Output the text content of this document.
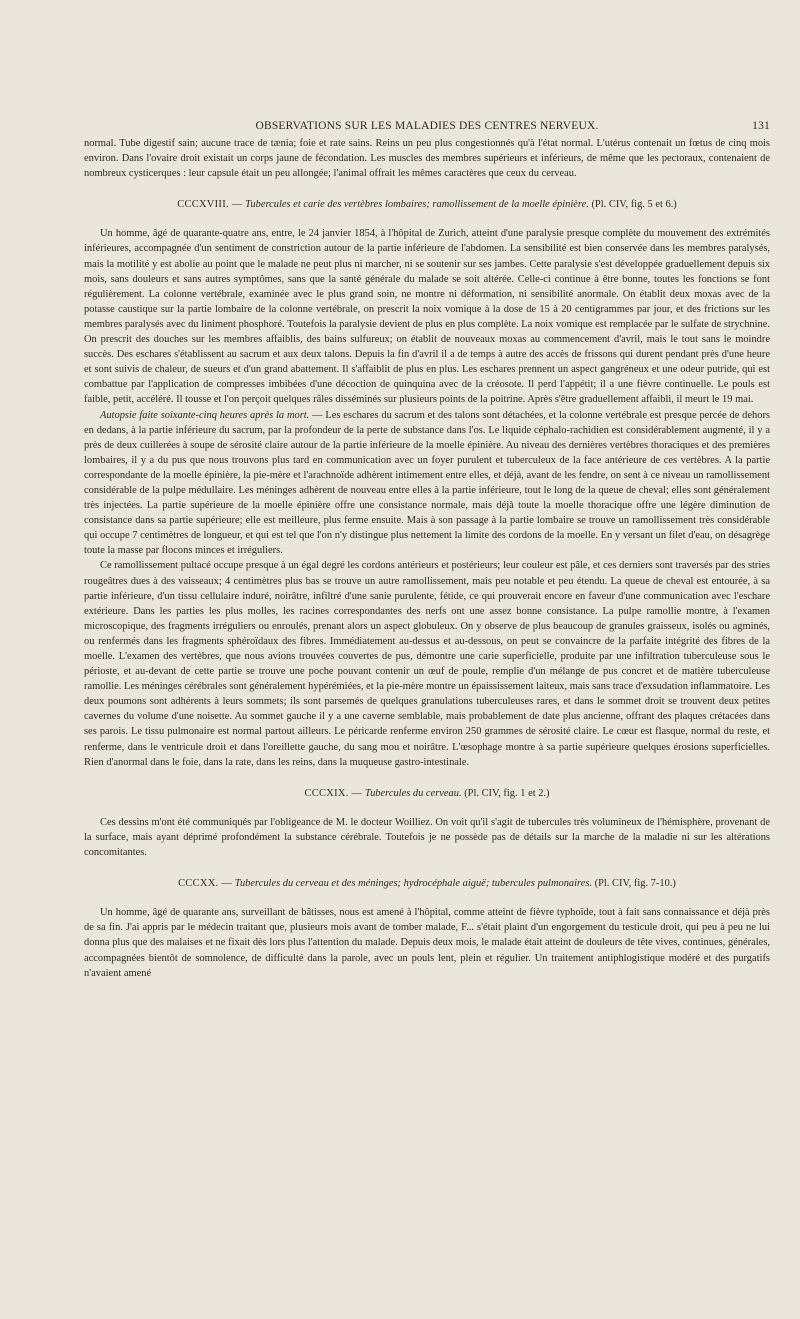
OBSERVATIONS SUR LES MALADIES DES CENTRES NERVEUX.	131

normal. Tube digestif sain; aucune trace de tænia; foie et rate sains. Reins un peu plus congestionnés qu'à l'état normal. L'utérus contenait un fœtus de cinq mois environ. Dans l'ovaire droit existait un corps jaune de fécondation. Les muscles des membres supérieurs et inférieurs, de même que les pectoraux, contenaient de nombreux cysticerques : leur capsule était un peu allongée; l'animal offrait les mêmes caractères que ceux du cerveau.

CCCXVIII. — Tubercules et carie des vertèbres lombaires; ramollissement de la moelle épinière. (Pl. CIV, fig. 5 et 6.)

Un homme, âgé de quarante-quatre ans, entre, le 24 janvier 1854, à l'hôpital de Zurich, atteint d'une paralysie presque complète du mouvement des extrémités inférieures, accompagnée d'un sentiment de constriction autour de la partie inférieure de l'abdomen. La sensibilité est bien conservée dans les membres paralysés, mais la motilité y est abolie au point que le malade ne peut plus ni marcher, ni se soutenir sur ses jambes. Cette paralysie s'est développée graduellement depuis six mois, sans douleurs et sans autres symptômes, sans que la santé générale du malade se soit altérée. Celle-ci continue à être bonne, toutes les fonctions se font régulièrement. La colonne vertébrale, examinée avec le plus grand soin, ne montre ni déformation, ni sensibilité anormale. On établit deux moxas avec de la potasse caustique sur la partie lombaire de la colonne vertébrale, on prescrit la noix vomique à la dose de 15 à 20 centigrammes par jour, et des frictions sur les membres paralysés avec du liniment phosphoré. Toutefois la paralysie devient de plus en plus complète. La noix vomique est remplacée par le sulfate de strychnine. On prescrit des douches sur les membres affaiblis, des bains sulfureux; on établit de nouveaux moxas au commencement d'avril, mais le tout sans le moindre succès. Des eschares s'établissent au sacrum et aux deux talons. Depuis la fin d'avril il a de temps à autre des accès de frissons qui durent pendant près d'une heure et sont suivis de chaleur, de sueurs et d'un grand abattement. Il s'affaiblit de plus en plus. Les eschares prennent un aspect gangréneux et une odeur putride, qui est combattue par l'application de compresses imbibées d'une décoction de quinquina avec de la créosote. Il perd l'appétit; il a une fièvre continuelle. Le pouls est faible, petit, accéléré. Il tousse et l'on perçoit quelques râles disséminés sur plusieurs points de la poitrine. Après s'être graduellement affaibli, il meurt le 19 mai.

Autopsie faite soixante-cinq heures après la mort. — Les eschares du sacrum et des talons sont détachées, et la colonne vertébrale est presque percée de dehors en dedans, à la partie inférieure du sacrum, par la profondeur de la perte de substance dans l'os. Le liquide céphalo-rachidien est considérablement augmenté, il y a près de deux cuillerées à soupe de sérosité claire autour de la partie inférieure de la moelle épinière. Au niveau des dernières vertèbres thoraciques et des premières lombaires, il y a du pus que nous trouvons plus tard en communication avec un foyer purulent et tuberculeux de la face antérieure de ces vertèbres. A la partie correspondante de la moelle épinière, la pie-mère et l'arachnoïde adhèrent intimement entre elles, et déjà, avant de les fendre, on sent à ce niveau un ramollissement considérable de la pulpe médullaire. Les méninges adhèrent de nouveau entre elles à la partie inférieure, tout le long de la queue de cheval; elles sont généralement très injectées. La partie supérieure de la moelle épinière offre une consistance normale, mais déjà toute la moelle thoracique offre une légère diminution de consistance dans sa partie supérieure; elle est meilleure, plus ferme ensuite. Mais à son passage à la partie lombaire se trouve un ramollissement très considérable qui occupe 7 centimètres de longueur, et qui est tel que l'on n'y distingue plus nettement la limite des cordons de la moelle. En y versant un filet d'eau, on désagrège toute la masse par flocons minces et irréguliers.

Ce ramollissement pultacé occupe presque à un égal degré les cordons antérieurs et postérieurs; leur couleur est pâle, et ces derniers sont traversés par des stries rougeâtres dues à des vaisseaux; 4 centimètres plus bas se trouve un autre ramollissement, mais peu notable et peu étendu. La queue de cheval est entourée, à sa partie inférieure, d'un tissu cellulaire induré, noirâtre, infiltré d'une sanie purulente, fétide, ce qui prouverait encore en faveur d'une communication avec l'eschare extérieure. Dans les parties les plus molles, les racines correspondantes des nerfs ont une assez bonne consistance. La pulpe ramollie montre, à l'examen microscopique, des fragments irréguliers ou enroulés, prenant alors un aspect globuleux. On y observe de plus beaucoup de granules graisseux, isolés ou agminés, ou renfermés dans les fragments sphéroïdaux des fibres. Immédiatement au-dessus et au-dessous, on peut se convaincre de la parfaite intégrité des fibres de la moelle. L'examen des vertèbres, que nous avions trouvées couvertes de pus, démontre une carie superficielle, produite par une infiltration tuberculeuse sous le périoste, et au-devant de cette partie se trouve une poche pouvant contenir un œuf de poule, remplie d'un mélange de pus concret et de matière tuberculeuse ramollie. Les méninges cérébrales sont généralement hypérémiées, et la pie-mère montre un épaississement laiteux, mais sans trace d'exsudation inflammatoire. Les deux poumons sont adhérents à leurs sommets; ils sont parsemés de quelques granulations tuberculeuses rares, et dans le sommet droit se trouvent deux petites cavernes du volume d'une noisette. Au sommet gauche il y a une caverne semblable, mais probablement de date plus ancienne, offrant des plaques crétacées dans ses parois. Le tissu pulmonaire est normal partout ailleurs. Le péricarde renferme environ 250 grammes de sérosité claire. Le cœur est flasque, normal du reste, et renferme, dans le ventricule droit et dans l'oreillette gauche, du sang mou et noirâtre. L'œsophage montre à sa partie supérieure quelques érosions superficielles. Rien d'anormal dans le foie, dans la rate, dans les reins, dans la muqueuse gastro-intestinale.

CCCXIX. — Tubercules du cerveau. (Pl. CIV, fig. 1 et 2.)

Ces dessins m'ont été communiqués par l'obligeance de M. le docteur Woilliez. On voit qu'il s'agit de tubercules très volumineux de l'hémisphère, provenant de la surface, mais ayant déprimé profondément la substance cérébrale. Toutefois je ne possède pas de détails sur la marche de la maladie ni sur les altérations concomitantes.

CCCXX. — Tubercules du cerveau et des méninges; hydrocéphale aiguë; tubercules pulmonaires. (Pl. CIV, fig. 7-10.)

Un homme, âgé de quarante ans, surveillant de bâtisses, nous est amené à l'hôpital, comme atteint de fièvre typhoïde, tout à fait sans connaissance et déjà près de sa fin. J'ai appris par le médecin traitant que, plusieurs mois avant de tomber malade, F... s'était plaint d'un engorgement du testicule droit, qui peu à peu ne lui donna plus que des malaises et ne fixait dès lors plus l'attention du malade. Depuis deux mois, le malade était atteint de douleurs de tête vives, continues, générales, accompagnées bientôt de somnolence, de difficulté dans la parole, avec un pouls lent, plein et régulier. Un traitement antiphlogistique modéré et des purgatifs n'avaient amené
